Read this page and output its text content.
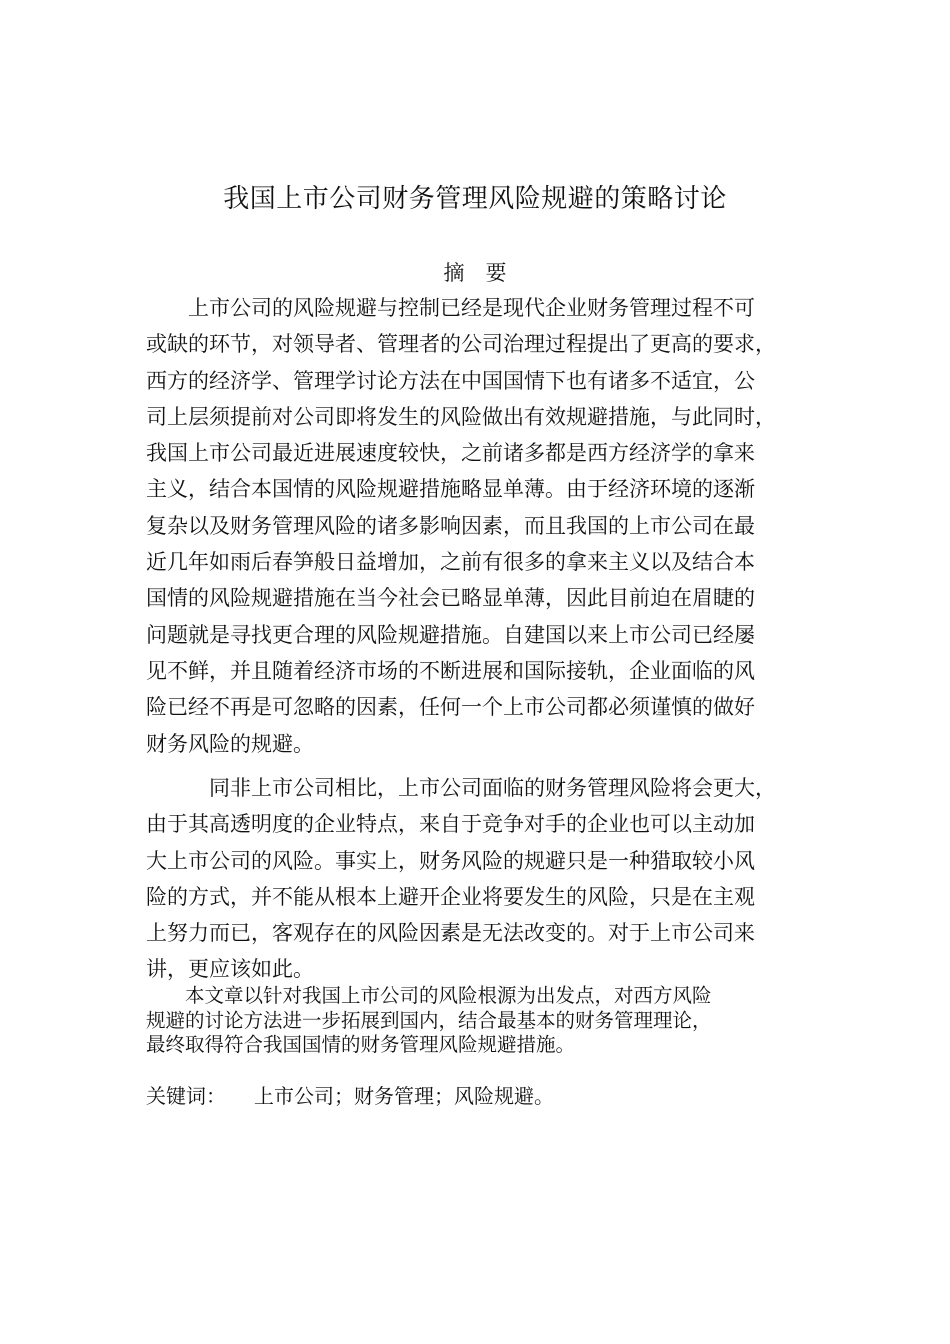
我国上市公司财务管理风险规避的策略讨论
摘　要
　　上市公司的风险规避与控制已经是现代企业财务管理过程不可
或缺的环节，对领导者、管理者的公司治理过程提出了更高的要求，
西方的经济学、管理学讨论方法在中国国情下也有诸多不适宜，公
司上层须提前对公司即将发生的风险做出有效规避措施，与此同时，
我国上市公司最近进展速度较快，之前诸多都是西方经济学的拿来
主义，结合本国情的风险规避措施略显单薄。由于经济环境的逐渐
复杂以及财务管理风险的诸多影响因素，而且我国的上市公司在最
近几年如雨后春笋般日益增加，之前有很多的拿来主义以及结合本
国情的风险规避措施在当今社会已略显单薄，因此目前迫在眉睫的
问题就是寻找更合理的风险规避措施。自建国以来上市公司已经屡
见不鲜，并且随着经济市场的不断进展和国际接轨，企业面临的风
险已经不再是可忽略的因素，任何一个上市公司都必须谨慎的做好
财务风险的规避。
　　　同非上市公司相比，上市公司面临的财务管理风险将会更大，
由于其高透明度的企业特点，来自于竞争对手的企业也可以主动加
大上市公司的风险。事实上，财务风险的规避只是一种猎取较小风
险的方式，并不能从根本上避开企业将要发生的风险，只是在主观
上努力而已，客观存在的风险因素是无法改变的。对于上市公司来
讲，更应该如此。
　　本文章以针对我国上市公司的风险根源为出发点，对西方风险
规避的讨论方法进一步拓展到国内，结合最基本的财务管理理论，
最终取得符合我国国情的财务管理风险规避措施。
关键词： 上市公司；财务管理；风险规避。
